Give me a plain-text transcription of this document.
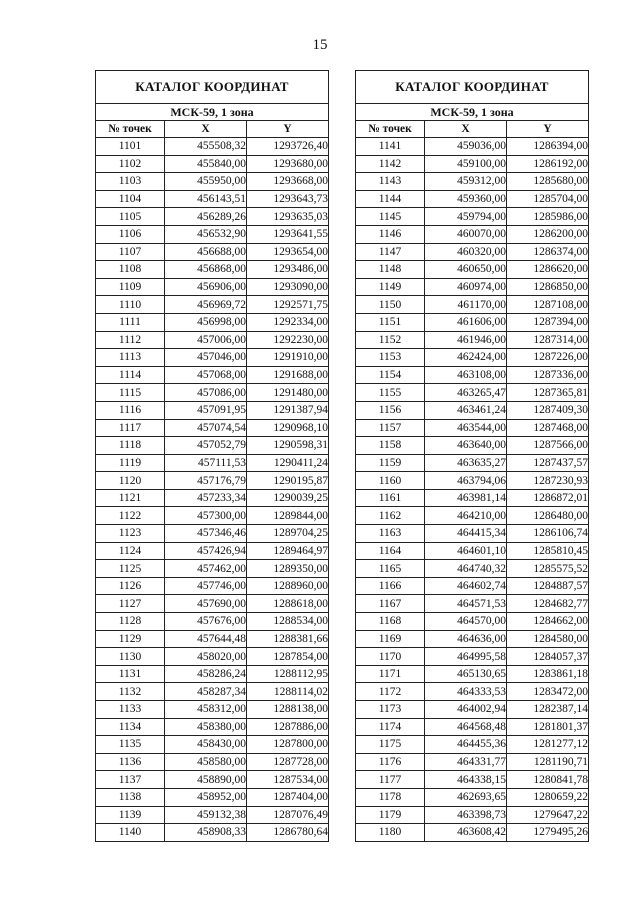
15
КАТАЛОГ КООРДИНАТ		
МСК-59, 1 зона		
№ точек	X	Y
1101	455508,32	1293726,40
1102	455840,00	1293680,00
1103	455950,00	1293668,00
1104	456143,51	1293643,73
1105	456289,26	1293635,03
1106	456532,90	1293641,55
1107	456688,00	1293654,00
1108	456868,00	1293486,00
1109	456906,00	1293090,00
1110	456969,72	1292571,75
1111	456998,00	1292334,00
1112	457006,00	1292230,00
1113	457046,00	1291910,00
1114	457068,00	1291688,00
1115	457086,00	1291480,00
1116	457091,95	1291387,94
1117	457074,54	1290968,10
1118	457052,79	1290598,31
1119	457111,53	1290411,24
1120	457176,79	1290195,87
1121	457233,34	1290039,25
1122	457300,00	1289844,00
1123	457346,46	1289704,25
1124	457426,94	1289464,97
1125	457462,00	1289350,00
1126	457746,00	1288960,00
1127	457690,00	1288618,00
1128	457676,00	1288534,00
1129	457644,48	1288381,66
1130	458020,00	1287854,00
1131	458286,24	1288112,95
1132	458287,34	1288114,02
1133	458312,00	1288138,00
1134	458380,00	1287886,00
1135	458430,00	1287800,00
1136	458580,00	1287728,00
1137	458890,00	1287534,00
1138	458952,00	1287404,00
1139	459132,38	1287076,49
1140	458908,33	1286780,64
КАТАЛОГ КООРДИНАТ		
МСК-59, 1 зона		
№ точек	X	Y
1141	459036,00	1286394,00
1142	459100,00	1286192,00
1143	459312,00	1285680,00
1144	459360,00	1285704,00
1145	459794,00	1285986,00
1146	460070,00	1286200,00
1147	460320,00	1286374,00
1148	460650,00	1286620,00
1149	460974,00	1286850,00
1150	461170,00	1287108,00
1151	461606,00	1287394,00
1152	461946,00	1287314,00
1153	462424,00	1287226,00
1154	463108,00	1287336,00
1155	463265,47	1287365,81
1156	463461,24	1287409,30
1157	463544,00	1287468,00
1158	463640,00	1287566,00
1159	463635,27	1287437,57
1160	463794,06	1287230,93
1161	463981,14	1286872,01
1162	464210,00	1286480,00
1163	464415,34	1286106,74
1164	464601,10	1285810,45
1165	464740,32	1285575,52
1166	464602,74	1284887,57
1167	464571,53	1284682,77
1168	464570,00	1284662,00
1169	464636,00	1284580,00
1170	464995,58	1284057,37
1171	465130,65	1283861,18
1172	464333,53	1283472,00
1173	464002,94	1282387,14
1174	464568,48	1281801,37
1175	464455,36	1281277,12
1176	464331,77	1281190,71
1177	464338,15	1280841,78
1178	462693,65	1280659,22
1179	463398,73	1279647,22
1180	463608,42	1279495,26
